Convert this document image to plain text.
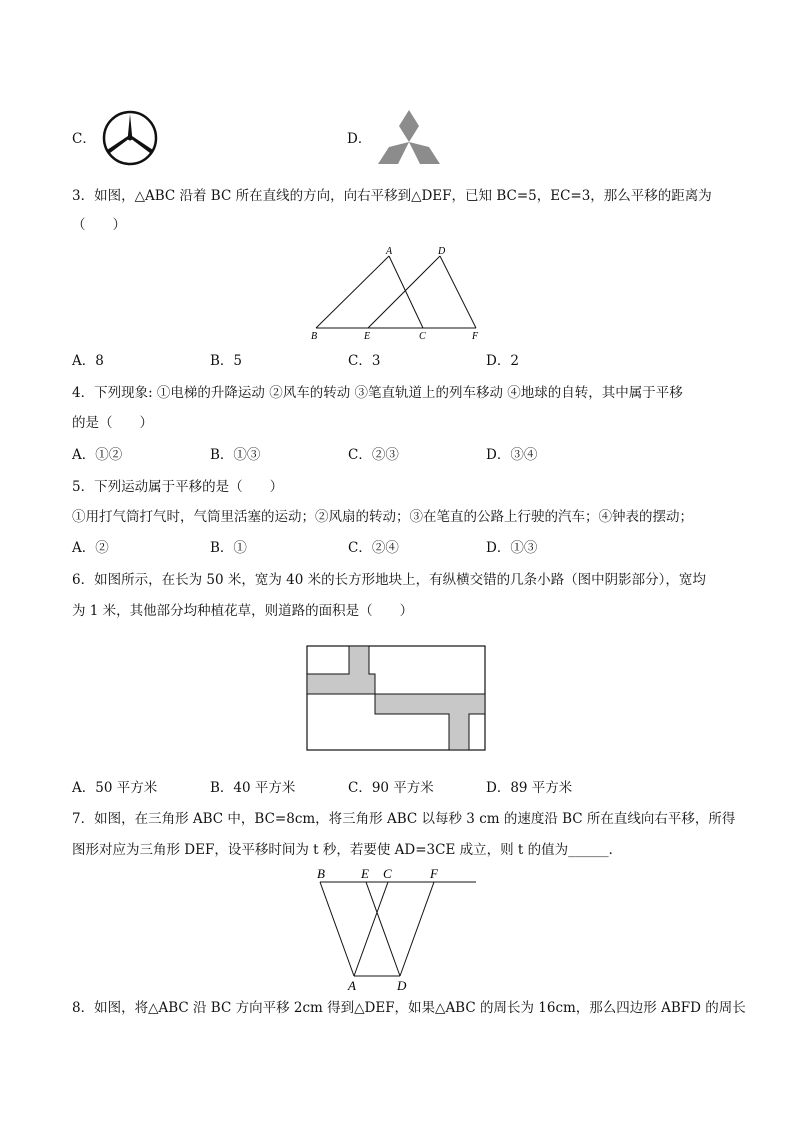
C．	D．
3．如图，△ABC 沿着 BC 所在直线的方向，向右平移到△DEF，已知 BC=5，EC=3，那么平移的距离为
（　　）
A	D
B	E	C	F
A．8	B．5	C．3	D．2
4．下列现象: ①电梯的升降运动 ②风车的转动 ③笔直轨道上的列车移动 ④地球的自转，其中属于平移
的是（　　）
A．①②	B．①③	C．②③	D．③④
5．下列运动属于平移的是（　　）
①用打气筒打气时，气筒里活塞的运动；②风扇的转动；③在笔直的公路上行驶的汽车；④钟表的摆动；
A．②	B．①	C．②④	D．①③
6．如图所示，在长为 50 米，宽为 40 米的长方形地块上，有纵横交错的几条小路（图中阴影部分），宽均
为 1 米，其他部分均种植花草，则道路的面积是（　　）
A．50 平方米	B．40 平方米	C．90 平方米	D．89 平方米
7．如图，在三角形 ABC 中，BC=8cm，将三角形 ABC 以每秒 3 cm 的速度沿 BC 所在直线向右平移，所得
图形对应为三角形 DEF，设平移时间为 t 秒，若要使 AD=3CE 成立，则 t 的值为______．
B	E C	F
A	D
8．如图，将△ABC 沿 BC 方向平移 2cm 得到△DEF，如果△ABC 的周长为 16cm，那么四边形 ABFD 的周长
